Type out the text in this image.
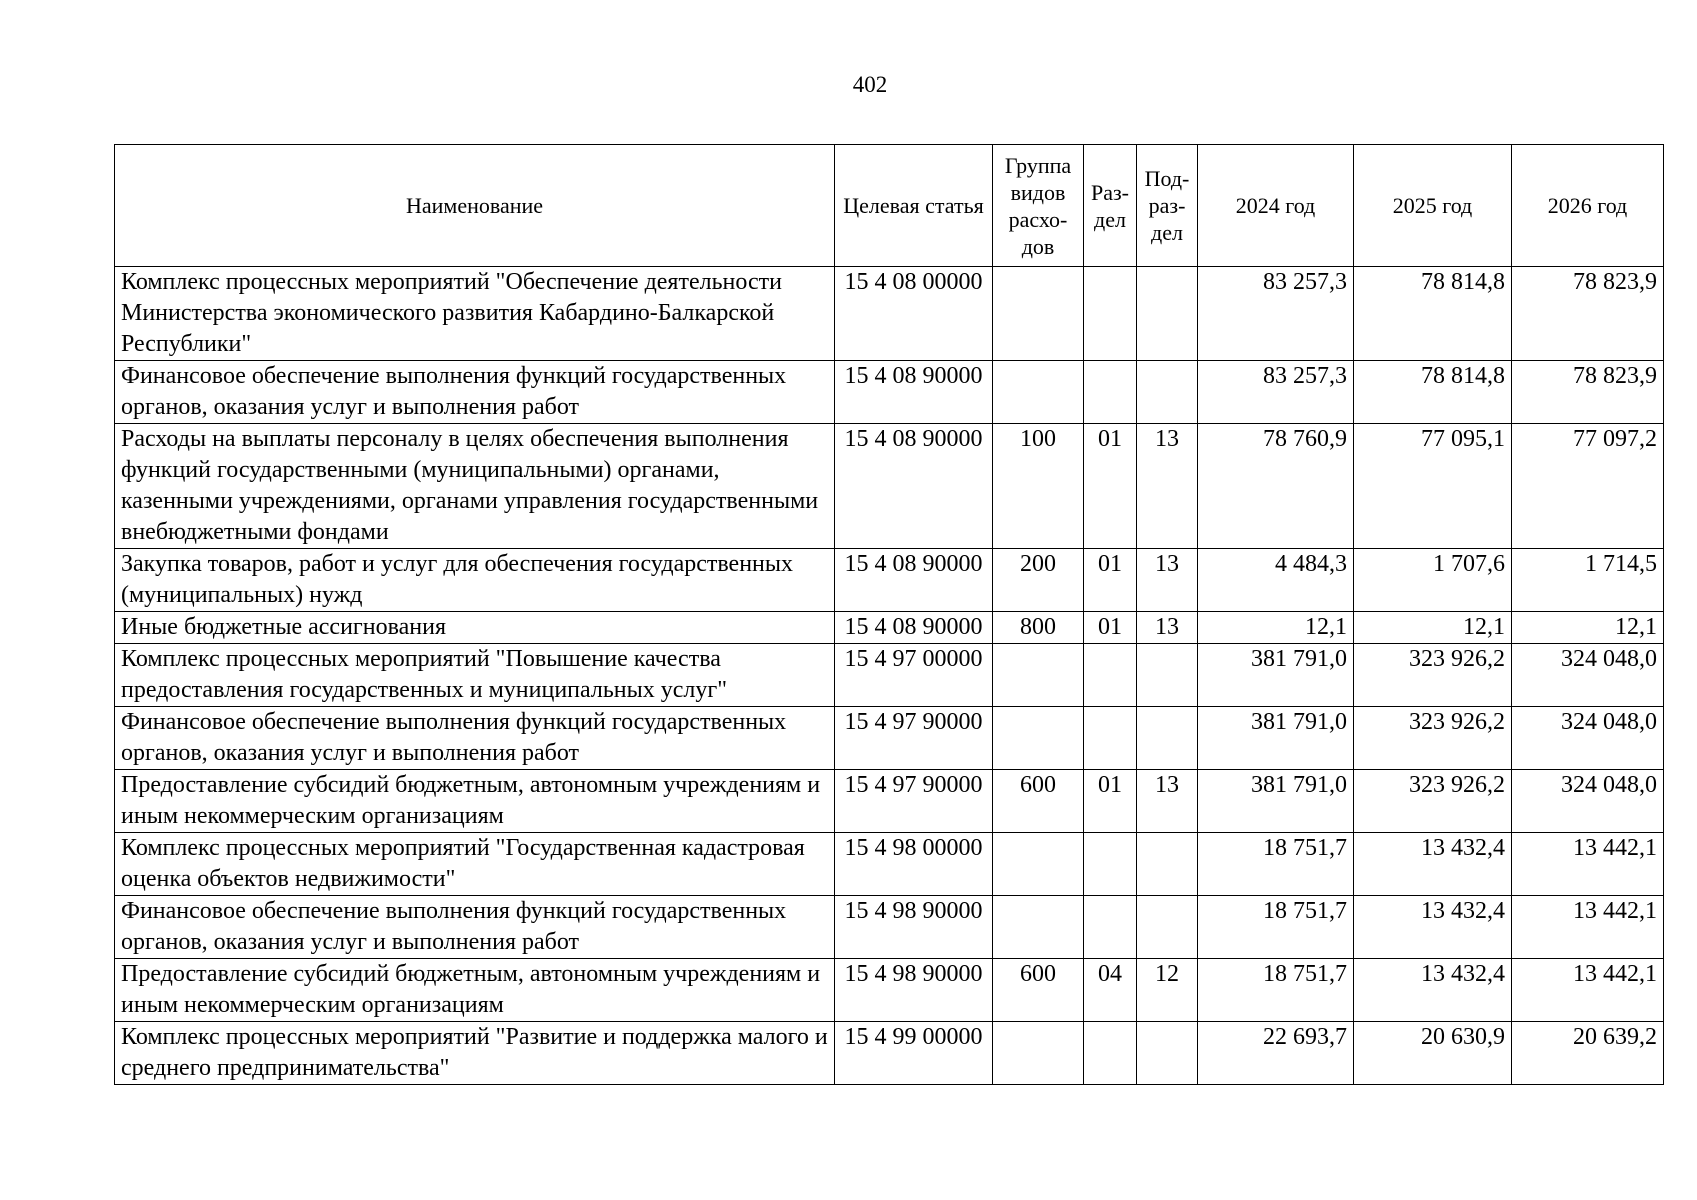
402
Наименование	Целевая статья	Группа видов расхо-дов	Раз-дел	Под-раз-дел	2024 год	2025 год	2026 год
Комплекс процессных мероприятий "Обеспечение деятельности Министерства экономического развития Кабардино-Балкарской Республики"	15 4 08 00000				83 257,3	78 814,8	78 823,9
Финансовое обеспечение выполнения функций государственных органов, оказания услуг и выполнения работ	15 4 08 90000				83 257,3	78 814,8	78 823,9
Расходы на выплаты персоналу в целях обеспечения выполнения функций государственными (муниципальными) органами, казенными учреждениями, органами управления государственными внебюджетными фондами	15 4 08 90000	100	01	13	78 760,9	77 095,1	77 097,2
Закупка товаров, работ и услуг для обеспечения государственных (муниципальных) нужд	15 4 08 90000	200	01	13	4 484,3	1 707,6	1 714,5
Иные бюджетные ассигнования	15 4 08 90000	800	01	13	12,1	12,1	12,1
Комплекс процессных мероприятий "Повышение качества предоставления государственных и муниципальных услуг"	15 4 97 00000				381 791,0	323 926,2	324 048,0
Финансовое обеспечение выполнения функций государственных органов, оказания услуг и выполнения работ	15 4 97 90000				381 791,0	323 926,2	324 048,0
Предоставление субсидий бюджетным, автономным учреждениям и иным некоммерческим организациям	15 4 97 90000	600	01	13	381 791,0	323 926,2	324 048,0
Комплекс процессных мероприятий "Государственная кадастровая оценка объектов недвижимости"	15 4 98 00000				18 751,7	13 432,4	13 442,1
Финансовое обеспечение выполнения функций государственных органов, оказания услуг и выполнения работ	15 4 98 90000				18 751,7	13 432,4	13 442,1
Предоставление субсидий бюджетным, автономным учреждениям и иным некоммерческим организациям	15 4 98 90000	600	04	12	18 751,7	13 432,4	13 442,1
Комплекс процессных мероприятий "Развитие и поддержка малого и среднего предпринимательства"	15 4 99 00000				22 693,7	20 630,9	20 639,2
